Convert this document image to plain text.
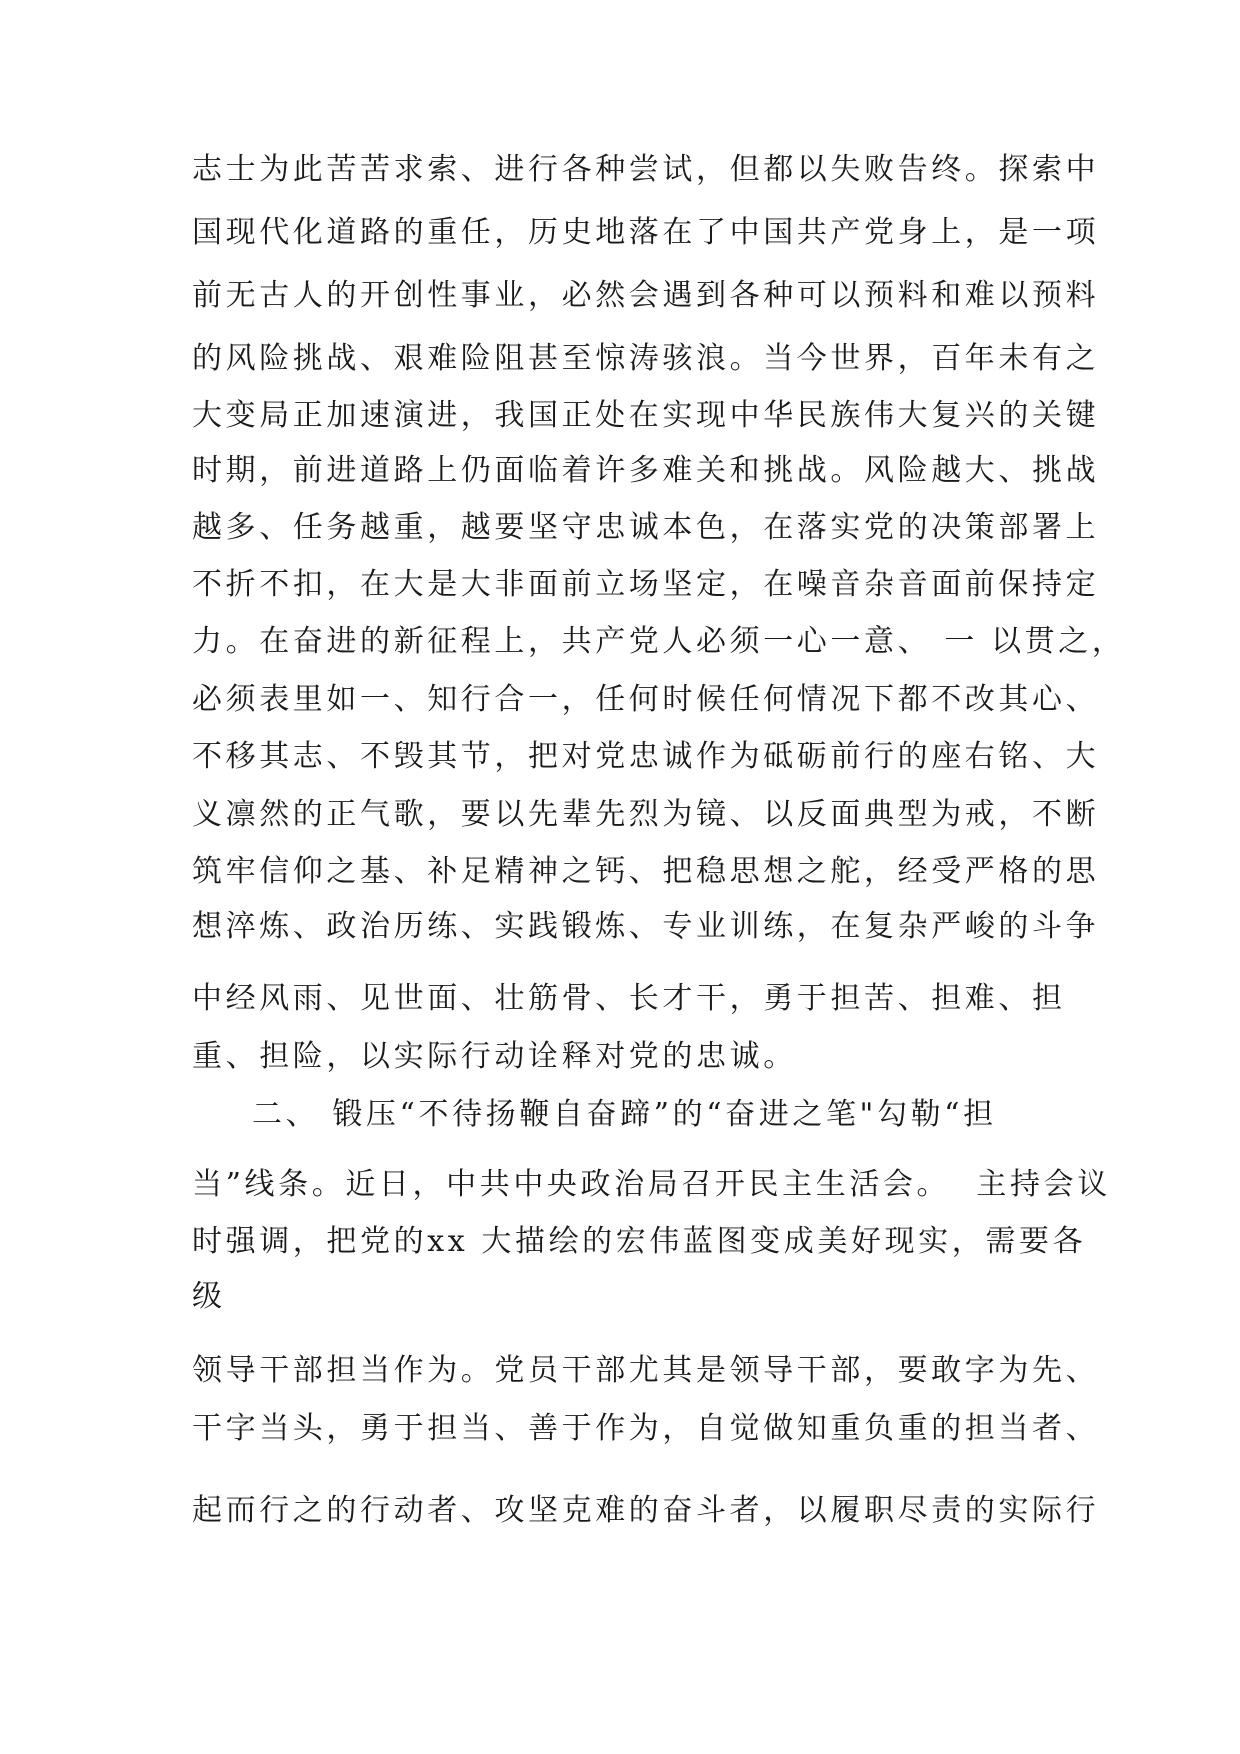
志士为此苦苦求索、进行各种尝试，但都以失败告终。探索中
国现代化道路的重任，历史地落在了中国共产党身上，是一项
前无古人的开创性事业，必然会遇到各种可以预料和难以预料
的风险挑战、艰难险阻甚至惊涛骇浪。当今世界，百年未有之
大变局正加速演进，我国正处在实现中华民族伟大复兴的关键
时期，前进道路上仍面临着许多难关和挑战。风险越大、挑战
越多、任务越重，越要坚守忠诚本色，在落实党的决策部署上
不折不扣，在大是大非面前立场坚定，在噪音杂音面前保持定
力。在奋进的新征程上，共产党人必须一心一意、 一 以贯之，
必须表里如一、知行合一，任何时候任何情况下都不改其心、
不移其志、不毁其节，把对党忠诚作为砥砺前行的座右铭、大
义凛然的正气歌，要以先辈先烈为镜、以反面典型为戒，不断
筑牢信仰之基、补足精神之钙、把稳思想之舵，经受严格的思
想淬炼、政治历练、实践锻炼、专业训练，在复杂严峻的斗争
中经风雨、见世面、壮筋骨、长才干，勇于担苦、担难、担
重、担险，以实际行动诠释对党的忠诚。
二、 锻压“不待扬鞭自奋蹄”的“奋进之笔"勾勒“担
当”线条。近日，中共中央政治局召开民主生活会。  主持会议
时强调，把党的xx 大描绘的宏伟蓝图变成美好现实，需要各
级
领导干部担当作为。党员干部尤其是领导干部，要敢字为先、
干字当头，勇于担当、善于作为，自觉做知重负重的担当者、
起而行之的行动者、攻坚克难的奋斗者，以履职尽责的实际行
